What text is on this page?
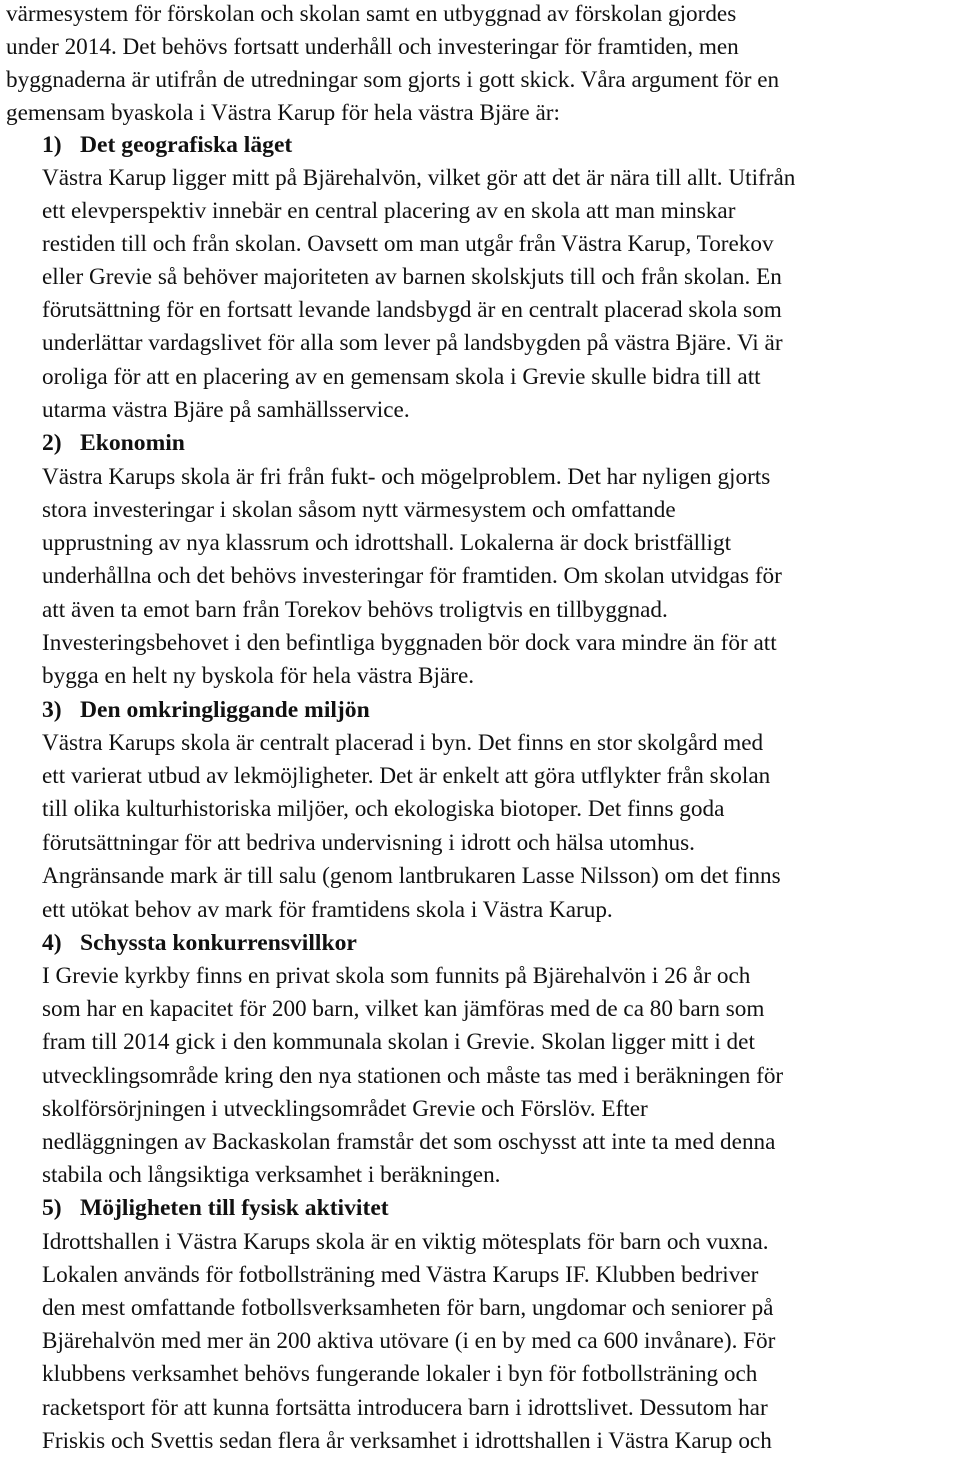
värmesystem för förskolan och skolan samt en utbyggnad av förskolan gjordes
under 2014. Det behövs fortsatt underhåll och investeringar för framtiden, men
byggnaderna är utifrån de utredningar som gjorts i gott skick. Våra argument för en
gemensam byaskola i Västra Karup för hela västra Bjäre är:
1) Det geografiska läget
Västra Karup ligger mitt på Bjärehalvön, vilket gör att det är nära till allt. Utifrån
ett elevperspektiv innebär en central placering av en skola att man minskar
restiden till och från skolan. Oavsett om man utgår från Västra Karup, Torekov
eller Grevie så behöver majoriteten av barnen skolskjuts till och från skolan. En
förutsättning för en fortsatt levande landsbygd är en centralt placerad skola som
underlättar vardagslivet för alla som lever på landsbygden på västra Bjäre. Vi är
oroliga för att en placering av en gemensam skola i Grevie skulle bidra till att
utarma västra Bjäre på samhällsservice.
2) Ekonomin
Västra Karups skola är fri från fukt- och mögelproblem. Det har nyligen gjorts
stora investeringar i skolan såsom nytt värmesystem och omfattande
upprustning av nya klassrum och idrottshall. Lokalerna är dock bristfälligt
underhållna och det behövs investeringar för framtiden. Om skolan utvidgas för
att även ta emot barn från Torekov behövs troligtvis en tillbyggnad.
Investeringsbehovet i den befintliga byggnaden bör dock vara mindre än för att
bygga en helt ny byskola för hela västra Bjäre.
3) Den omkringliggande miljön
Västra Karups skola är centralt placerad i byn. Det finns en stor skolgård med
ett varierat utbud av lekmöjligheter. Det är enkelt att göra utflykter från skolan
till olika kulturhistoriska miljöer, och ekologiska biotoper. Det finns goda
förutsättningar för att bedriva undervisning i idrott och hälsa utomhus.
Angränsande mark är till salu (genom lantbrukaren Lasse Nilsson) om det finns
ett utökat behov av mark för framtidens skola i Västra Karup.
4) Schyssta konkurrensvillkor
I Grevie kyrkby finns en privat skola som funnits på Bjärehalvön i 26 år och
som har en kapacitet för 200 barn, vilket kan jämföras med de ca 80 barn som
fram till 2014 gick i den kommunala skolan i Grevie. Skolan ligger mitt i det
utvecklingsområde kring den nya stationen och måste tas med i beräkningen för
skolförsörjningen i utvecklingsområdet Grevie och Förslöv. Efter
nedläggningen av Backaskolan framstår det som oschysst att inte ta med denna
stabila och långsiktiga verksamhet i beräkningen.
5) Möjligheten till fysisk aktivitet
Idrottshallen i Västra Karups skola är en viktig mötesplats för barn och vuxna.
Lokalen används för fotbollsträning med Västra Karups IF. Klubben bedriver
den mest omfattande fotbollsverksamheten för barn, ungdomar och seniorer på
Bjärehalvön med mer än 200 aktiva utövare (i en by med ca 600 invånare). För
klubbens verksamhet behövs fungerande lokaler i byn för fotbollsträning och
racketsport för att kunna fortsätta introducera barn i idrottslivet. Dessutom har
Friskis och Svettis sedan flera år verksamhet i idrottshallen i Västra Karup och
